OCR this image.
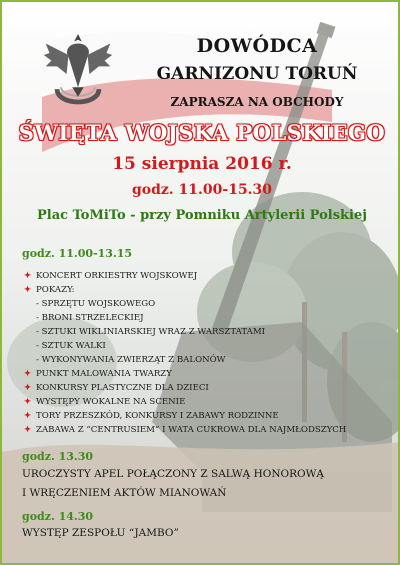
DOWÓDCA
GARNIZONU TORUŃ
ZAPRASZA NA OBCHODY
ŚWIĘTA WOJSKA POLSKIEGO
15 sierpnia 2016 r.
godz. 11.00-15.30
Plac ToMiTo - przy Pomniku Artylerii Polskiej
godz. 11.00-13.15
✦ KONCERT ORKIESTRY WOJSKOWEJ
✦ POKAZY:
- SPRZĘTU WOJSKOWEGO
- BRONI STRZELECKIEJ
- SZTUKI WIKLINIARSKIEJ WRAZ Z WARSZTATAMI
- SZTUK WALKI
- WYKONYWANIA ZWIERZĄT Z BALONÓW
✦ PUNKT MALOWANIA TWARZY
✦ KONKURSY PLASTYCZNE DLA DZIECI
✦ WYSTĘPY WOKALNE NA SCENIE
✦ TORY PRZESZKÓD, KONKURSY I ZABAWY RODZINNE
✦ ZABAWA Z “CENTRUSIEM” I WATA CUKROWA DLA NAJMŁODSZYCH
godz. 13.30
UROCZYSTY APEL POŁĄCZONY Z SALWĄ HONOROWĄ
I WRĘCZENIEM AKTÓW MIANOWAŃ
godz. 14.30
WYSTĘP ZESPOŁU “JAMBO”
